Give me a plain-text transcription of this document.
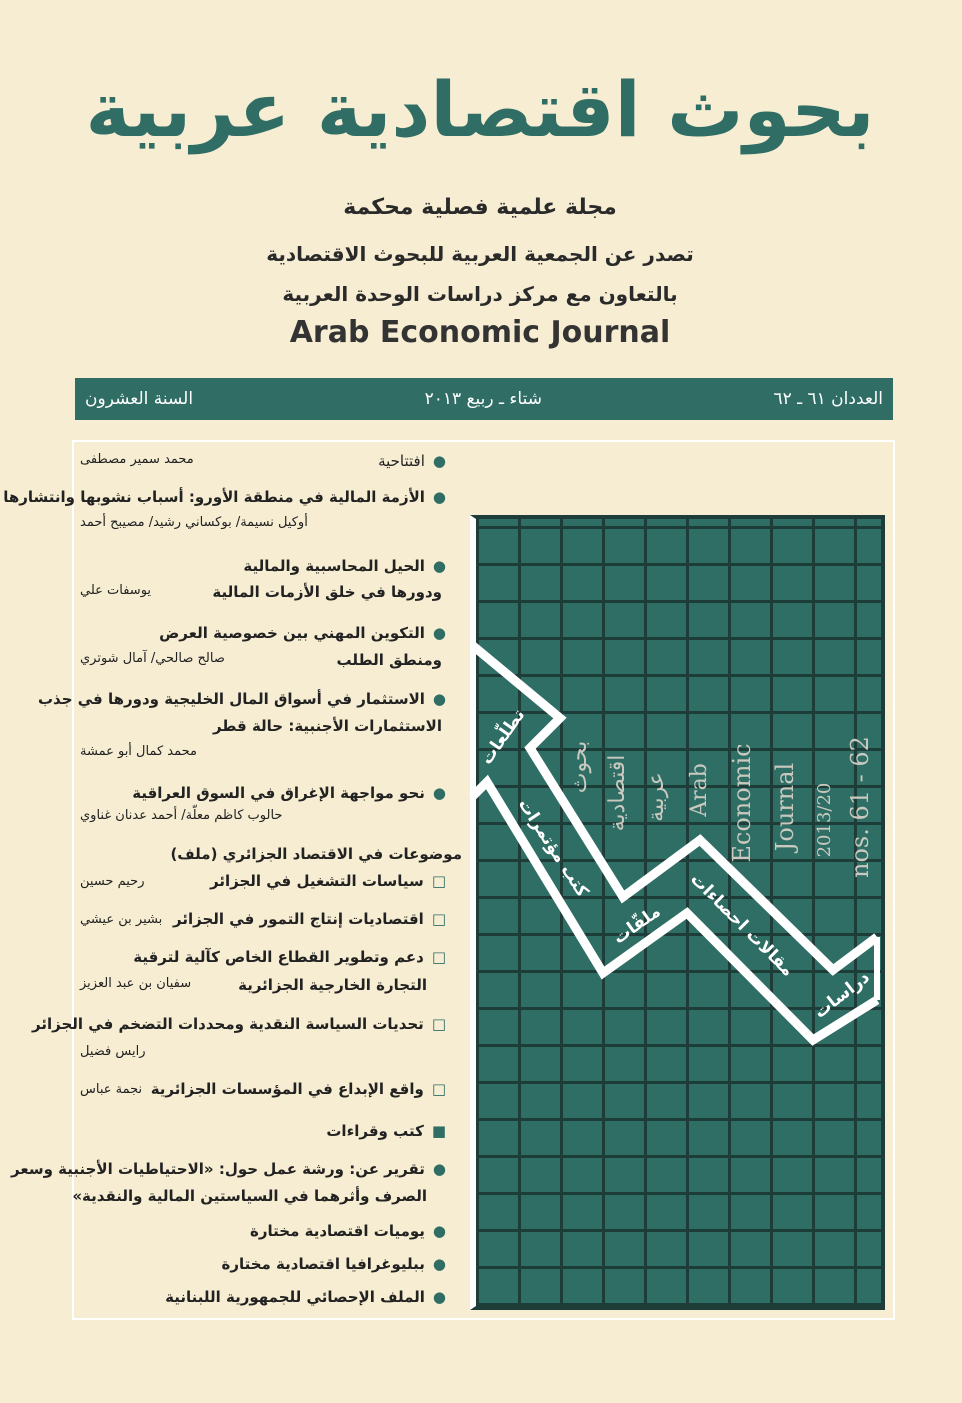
بحوث اقتصادية عربية
مجلة علمية فصلية محكمة
تصدر عن الجمعية العربية للبحوث الاقتصادية
بالتعاون مع مركز دراسات الوحدة العربية
Arab Economic Journal
العددان ٦١ ـ ٦٢
شتاء ـ ربيع ٢٠١٣
السنة العشرون
بحوث اقتصادية عربية Arab Economic Journal 2013/20 nos. 61 - 62
تطلّعات
كتب مؤتمرات
ملفّات مقالات احصاءات
دراسات
●افتتاحية
محمد سمير مصطفى
●الأزمة المالية في منطقة الأورو: أسباب نشوبها وانتشارها
أوكيل نسيمة/ بوكساني رشيد/ مصيبح أحمد
●الحيل المحاسبية والمالية
ودورها في خلق الأزمات المالية
يوسفات علي
●التكوين المهني بين خصوصية العرض
ومنطق الطلب
صالح صالحي/ آمال شوتري
●الاستثمار في أسواق المال الخليجية ودورها في جذب
الاستثمارات الأجنبية: حالة قطر
محمد كمال أبو عمشة
●نحو مواجهة الإغراق في السوق العراقية
حالوب كاظم معلّة/ أحمد عدنان غناوي
موضوعات في الاقتصاد الجزائري (ملف)
□سياسات التشغيل في الجزائر
رحيم حسين
□اقتصاديات إنتاج التمور في الجزائر
بشير بن عيشي
□دعم وتطوير القطاع الخاص كآلية لترقية
التجارة الخارجية الجزائرية
سفيان بن عبد العزيز
□تحديات السياسة النقدية ومحددات التضخم في الجزائر
رايس فضيل
□واقع الإبداع في المؤسسات الجزائرية
نجمة عباس
■كتب وقراءات
●تقرير عن: ورشة عمل حول: «الاحتياطيات الأجنبية وسعر
الصرف وأثرهما في السياستين المالية والنقدية»
●يوميات اقتصادية مختارة
●ببليوغرافيا اقتصادية مختارة
●الملف الإحصائي للجمهورية اللبنانية
